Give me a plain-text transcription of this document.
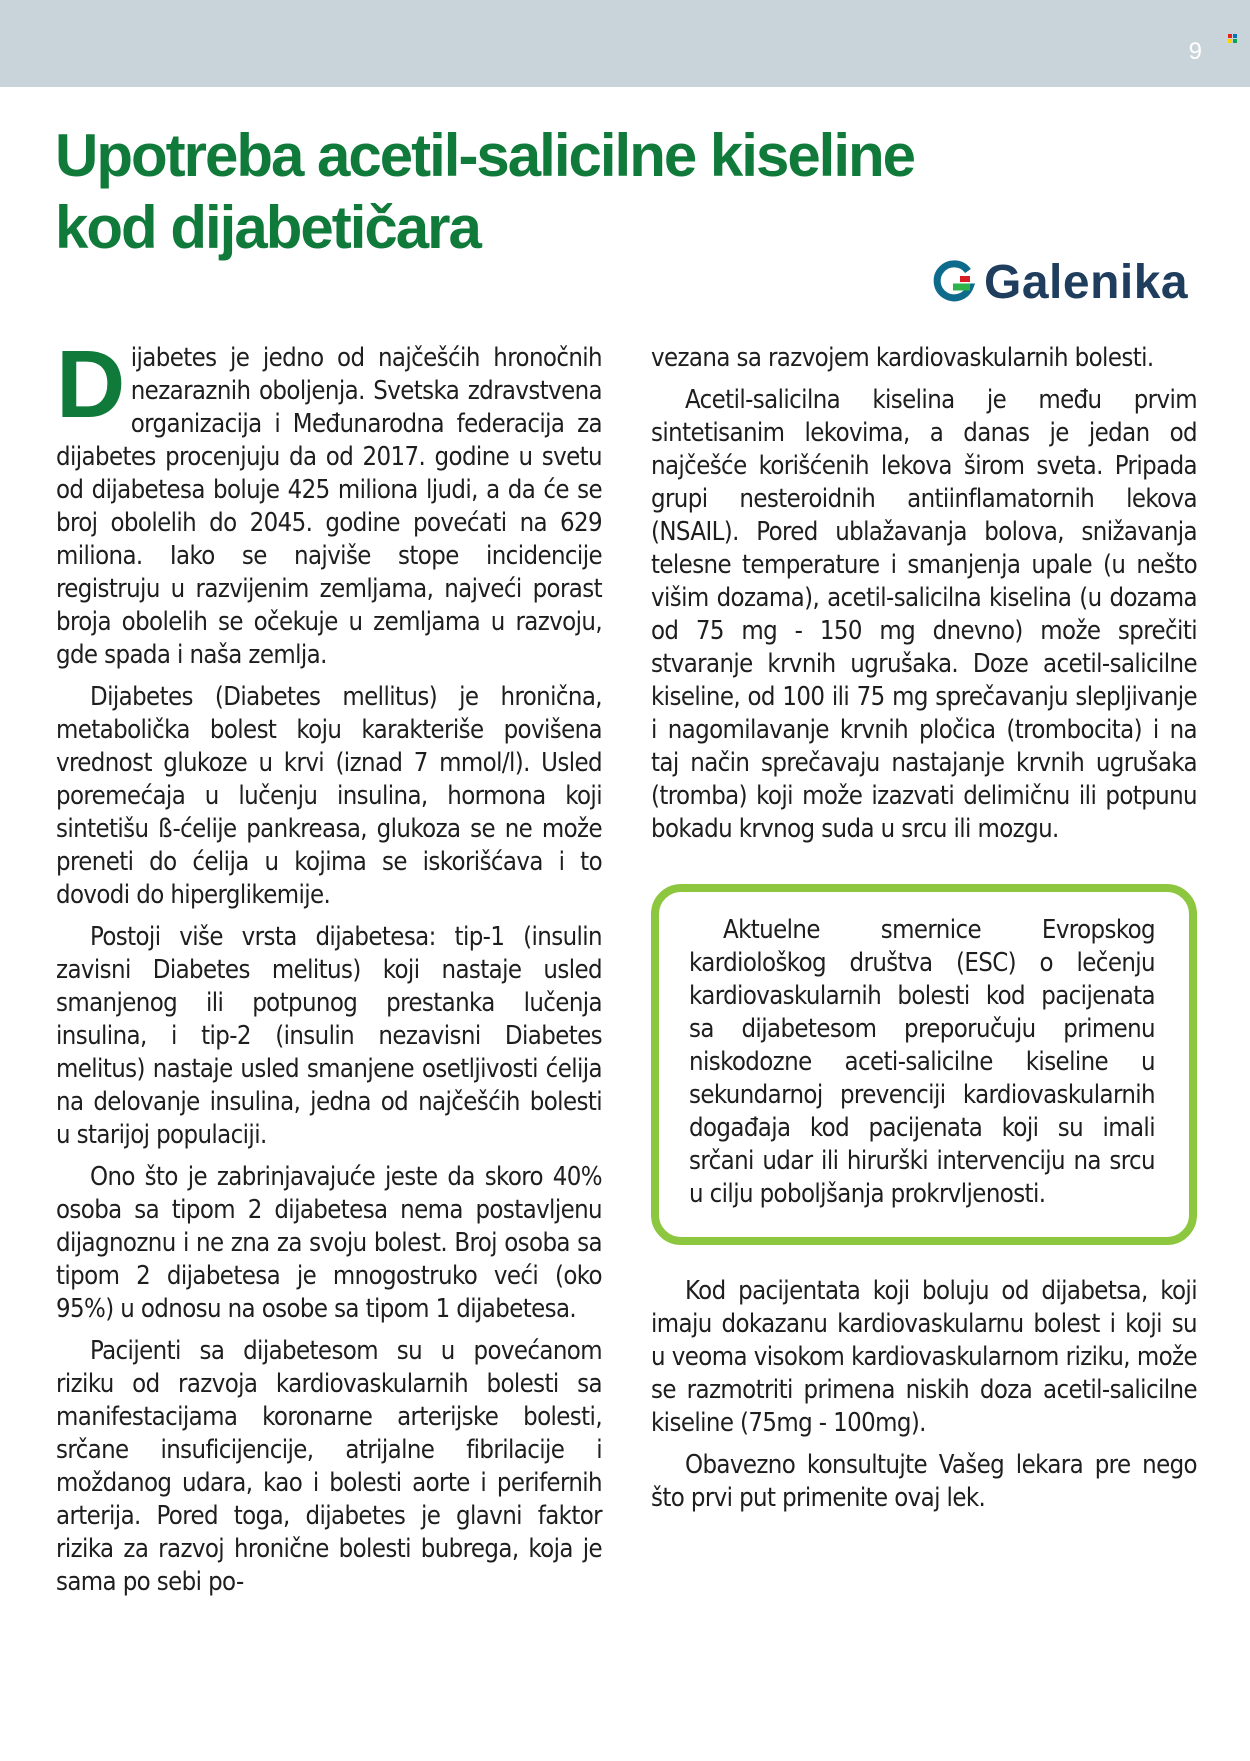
9
Upotreba acetil-salicilne kiseline
kod dijabetičara
Galenika

Dijabetes je jedno od najčešćih hronočnih nezaraznih oboljenja. Svetska zdravstvena organizacija i Međunarodna federacija za dijabetes procenjuju da od 2017. godine u svetu od dijabetesa boluje 425 miliona ljudi, a da će se broj obolelih do 2045. godine povećati na 629 miliona. Iako se najviše stope incidencije registruju u razvijenim zemljama, najveći porast broja obolelih se očekuje u zemljama u razvoju, gde spada i naša zemlja.

Dijabetes (Diabetes mellitus) je hronična, metabolička bolest koju karakteriše povišena vrednost glukoze u krvi (iznad 7 mmol/l). Usled poremećaja u lučenju insulina, hormona koji sintetišu ß-ćelije pankreasa, glukoza se ne može preneti do ćelija u kojima se iskorišćava i to dovodi do hiperglikemije.

Postoji više vrsta dijabetesa: tip-1 (insulin zavisni Diabetes melitus) koji nastaje usled smanjenog ili potpunog prestanka lučenja insulina, i tip-2 (insulin nezavisni Diabetes melitus) nastaje usled smanjene osetljivosti ćelija na delovanje insulina, jedna od najčešćih bolesti u starijoj populaciji.

Ono što je zabrinjavajuće jeste da skoro 40% osoba sa tipom 2 dijabetesa nema postavljenu dijagnoznu i ne zna za svoju bolest. Broj osoba sa tipom 2 dijabetesa je mnogostruko veći (oko 95%) u odnosu na osobe sa tipom 1 dijabetesa.

Pacijenti sa dijabetesom su u povećanom riziku od razvoja kardiovaskularnih bolesti sa manifestacijama koronarne arterijske bolesti, srčane insuficijencije, atrijalne fibrilacije i moždanog udara, kao i bolesti aorte i perifernih arterija. Pored toga, dijabetes je glavni faktor rizika za razvoj hronične bolesti bubrega, koja je sama po sebi po-

vezana sa razvojem kardiovaskularnih bolesti.

Acetil-salicilna kiselina je među prvim sintetisanim lekovima, a danas je jedan od najčešće korišćenih lekova širom sveta. Pripada grupi nesteroidnih antiinflamatornih lekova (NSAIL). Pored ublažavanja bolova, snižavanja telesne temperature i smanjenja upale (u nešto višim dozama), acetil-salicilna kiselina (u dozama od 75 mg - 150 mg dnevno) može sprečiti stvaranje krvnih ugrušaka. Doze acetil-salicilne kiseline, od 100 ili 75 mg sprečavanju slepljivanje i nagomilavanje krvnih pločica (trombocita) i na taj način sprečavaju nastajanje krvnih ugrušaka (tromba) koji može izazvati delimičnu ili potpunu bokadu krvnog suda u srcu ili mozgu.

Aktuelne smernice Evropskog kardiološkog društva (ESC) o lečenju kardiovaskularnih bolesti kod pacijenata sa dijabetesom preporučuju primenu niskodozne aceti-salicilne kiseline u sekundarnoj prevenciji kardiovaskularnih događaja kod pacijenata koji su imali srčani udar ili hirurški intervenciju na srcu u cilju poboljšanja prokrvljenosti.

Kod pacijentata koji boluju od dijabetsa, koji imaju dokazanu kardiovaskularnu bolest i koji su u veoma visokom kardiovaskularnom riziku, može se razmotriti primena niskih doza acetil-salicilne kiseline (75mg - 100mg).

Obavezno konsultujte Vašeg lekara pre nego što prvi put primenite ovaj lek.
